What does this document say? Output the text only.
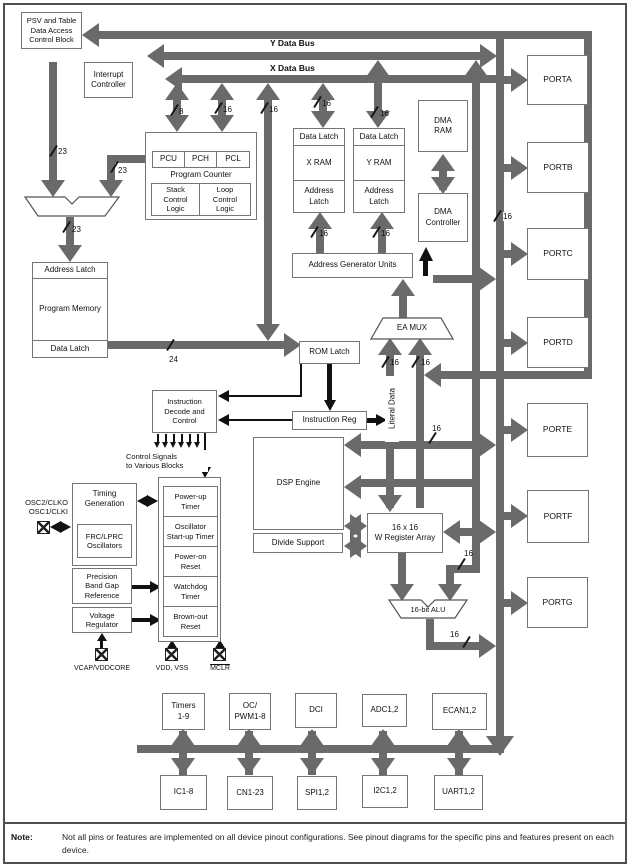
23
23
23
8	16	16
16
16
16	16
16
24	16	16
16
16
16
Y Data Bus
X Data Bus
Literal Data
PSV and Table
Data Access
Control Block
Interrupt
Controller
PCU	PCH	PCL
Program Counter
Stack
Control
Logic
Loop
Control
Logic
Address Latch
Program Memory
Data Latch
Data Latch
X RAM
Address
Latch
Data Latch
Y RAM
Address
Latch
DMA
RAM
DMA
Controller
Address Generator Units
EA MUX
ROM Latch
Instruction Reg
Instruction
Decode and
Control
Control Signals
to Various Blocks
DSP Engine
Divide Support
16 x 16
W Register Array
16-bit ALU
Timing
Generation
FRC/LPRC
Oscillators
Power-up
Timer
Oscillator
Start-up Timer
Power-on
Reset
Watchdog
Timer
Brown-out
Reset
Precision
Band Gap
Reference
Voltage
Regulator
OSC2/CLKO
OSC1/CLKI
VCAP/VDDCORE	VDD, VSS	MCLR
PORTA
PORTB
PORTC
PORTD
PORTE
PORTF
PORTG
Timers
1-9
OC/
PWM1-8
DCI	ADC1,2	ECAN1,2
IC1-8	CN1-23	SPI1,2	I2C1,2	UART1,2
Note:	Not all pins or features are implemented on all device pinout configurations. See pinout diagrams for the specific pins and features present on each device.
